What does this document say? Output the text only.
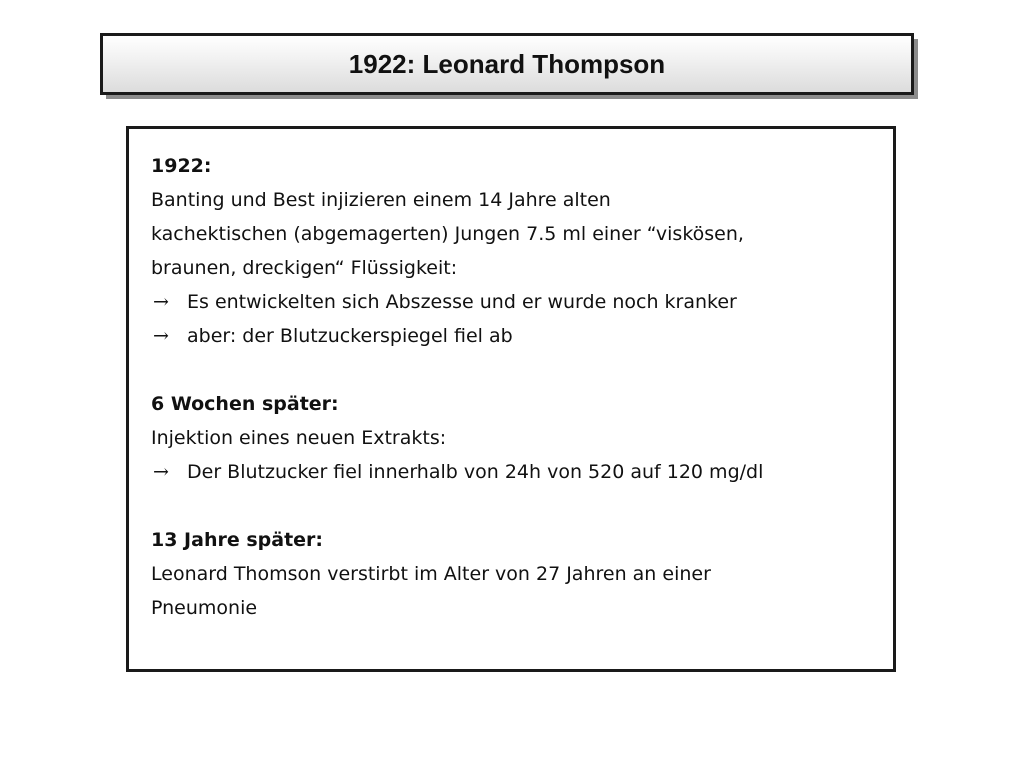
1922: Leonard Thompson
1922:
Banting und Best injizieren einem 14 Jahre alten
kachektischen (abgemagerten) Jungen 7.5 ml einer “viskösen,
braunen, dreckigen“ Flüssigkeit:
→ Es entwickelten sich Abszesse und er wurde noch kranker
→ aber: der Blutzuckerspiegel fiel ab
6 Wochen später:
Injektion eines neuen Extrakts:
→ Der Blutzucker fiel innerhalb von 24h von 520 auf 120 mg/dl
13 Jahre später:
Leonard Thomson verstirbt im Alter von 27 Jahren an einer
Pneumonie
